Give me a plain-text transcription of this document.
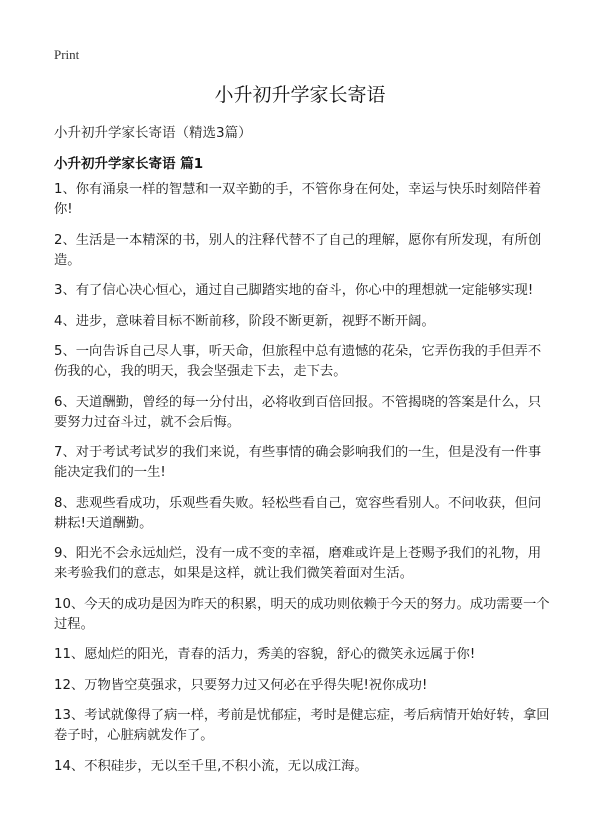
Print
小升初升学家长寄语
小升初升学家长寄语（精选3篇）
小升初升学家长寄语 篇1
1、你有涌泉一样的智慧和一双辛勤的手，不管你身在何处，幸运与快乐时刻陪伴着你!
2、生活是一本精深的书，别人的注释代替不了自己的理解，愿你有所发现，有所创造。
3、有了信心决心恒心，通过自己脚踏实地的奋斗，你心中的理想就一定能够实现!
4、进步，意味着目标不断前移，阶段不断更新，视野不断开阔。
5、一向告诉自己尽人事，听天命，但旅程中总有遗憾的花朵，它弄伤我的手但弄不伤我的心，我的明天，我会坚强走下去，走下去。
6、天道酬勤，曾经的每一分付出，必将收到百倍回报。不管揭晓的答案是什么，只要努力过奋斗过，就不会后悔。
7、对于考试考试岁的我们来说，有些事情的确会影响我们的一生，但是没有一件事能决定我们的一生!
8、悲观些看成功，乐观些看失败。轻松些看自己，宽容些看别人。不问收获，但问耕耘!天道酬勤。
9、阳光不会永远灿烂，没有一成不变的幸福，磨难或许是上苍赐予我们的礼物，用来考验我们的意志，如果是这样，就让我们微笑着面对生活。
10、今天的成功是因为昨天的积累，明天的成功则依赖于今天的努力。成功需要一个过程。
11、愿灿烂的阳光，青春的活力，秀美的容貌，舒心的微笑永远属于你!
12、万物皆空莫强求，只要努力过又何必在乎得失呢!祝你成功!
13、考试就像得了病一样，考前是忧郁症，考时是健忘症，考后病情开始好转，拿回卷子时，心脏病就发作了。
14、不积硅步，无以至千里,不积小流，无以成江海。
